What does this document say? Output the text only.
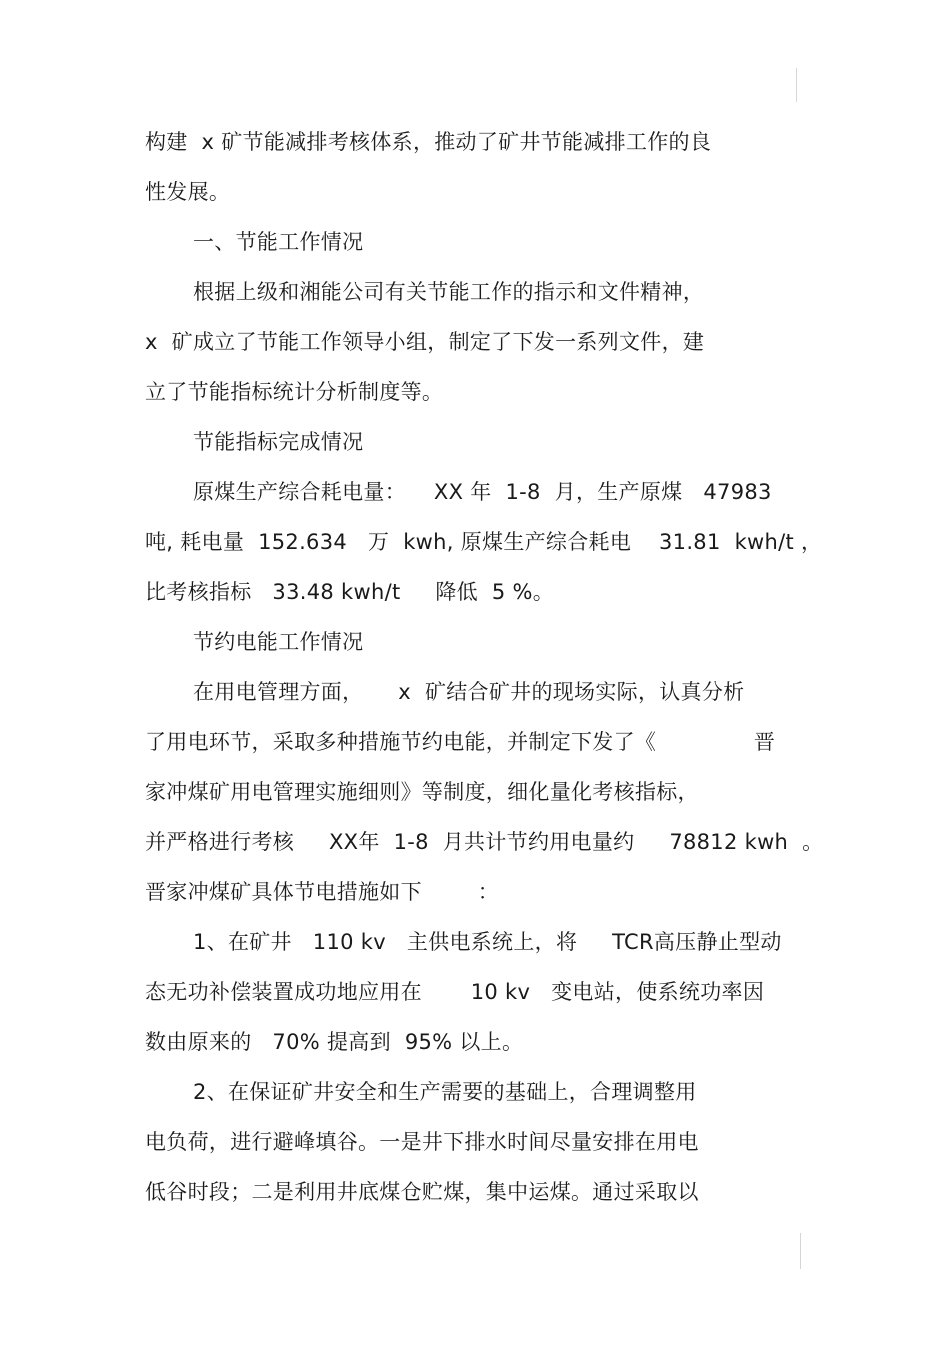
构建  x 矿节能减排考核体系，推动了矿井节能减排工作的良
性发展。
一、节能工作情况
根据上级和湘能公司有关节能工作的指示和文件精神，
x  矿成立了节能工作领导小组，制定了下发一系列文件，建
立了节能指标统计分析制度等。
节能指标完成情况
原煤生产综合耗电量：    XX 年  1-8  月，生产原煤   47983
吨, 耗电量  152.634   万  kwh, 原煤生产综合耗电    31.81  kwh/t ，
比考核指标   33.48 kwh/t     降低  5 %。
节约电能工作情况
在用电管理方面，     x  矿结合矿井的现场实际，认真分析
了用电环节，采取多种措施节约电能，并制定下发了《              晋
家冲煤矿用电管理实施细则》等制度，细化量化考核指标，
并严格进行考核     XX年  1-8  月共计节约用电量约     78812 kwh  。
晋家冲煤矿具体节电措施如下        ：
1、在矿井   110 kv   主供电系统上，将     TCR高压静止型动
态无功补偿装置成功地应用在       10 kv   变电站，使系统功率因
数由原来的   70% 提高到  95% 以上。
2、在保证矿井安全和生产需要的基础上，合理调整用
电负荷，进行避峰填谷。一是井下排水时间尽量安排在用电
低谷时段；二是利用井底煤仓贮煤，集中运煤。通过采取以
